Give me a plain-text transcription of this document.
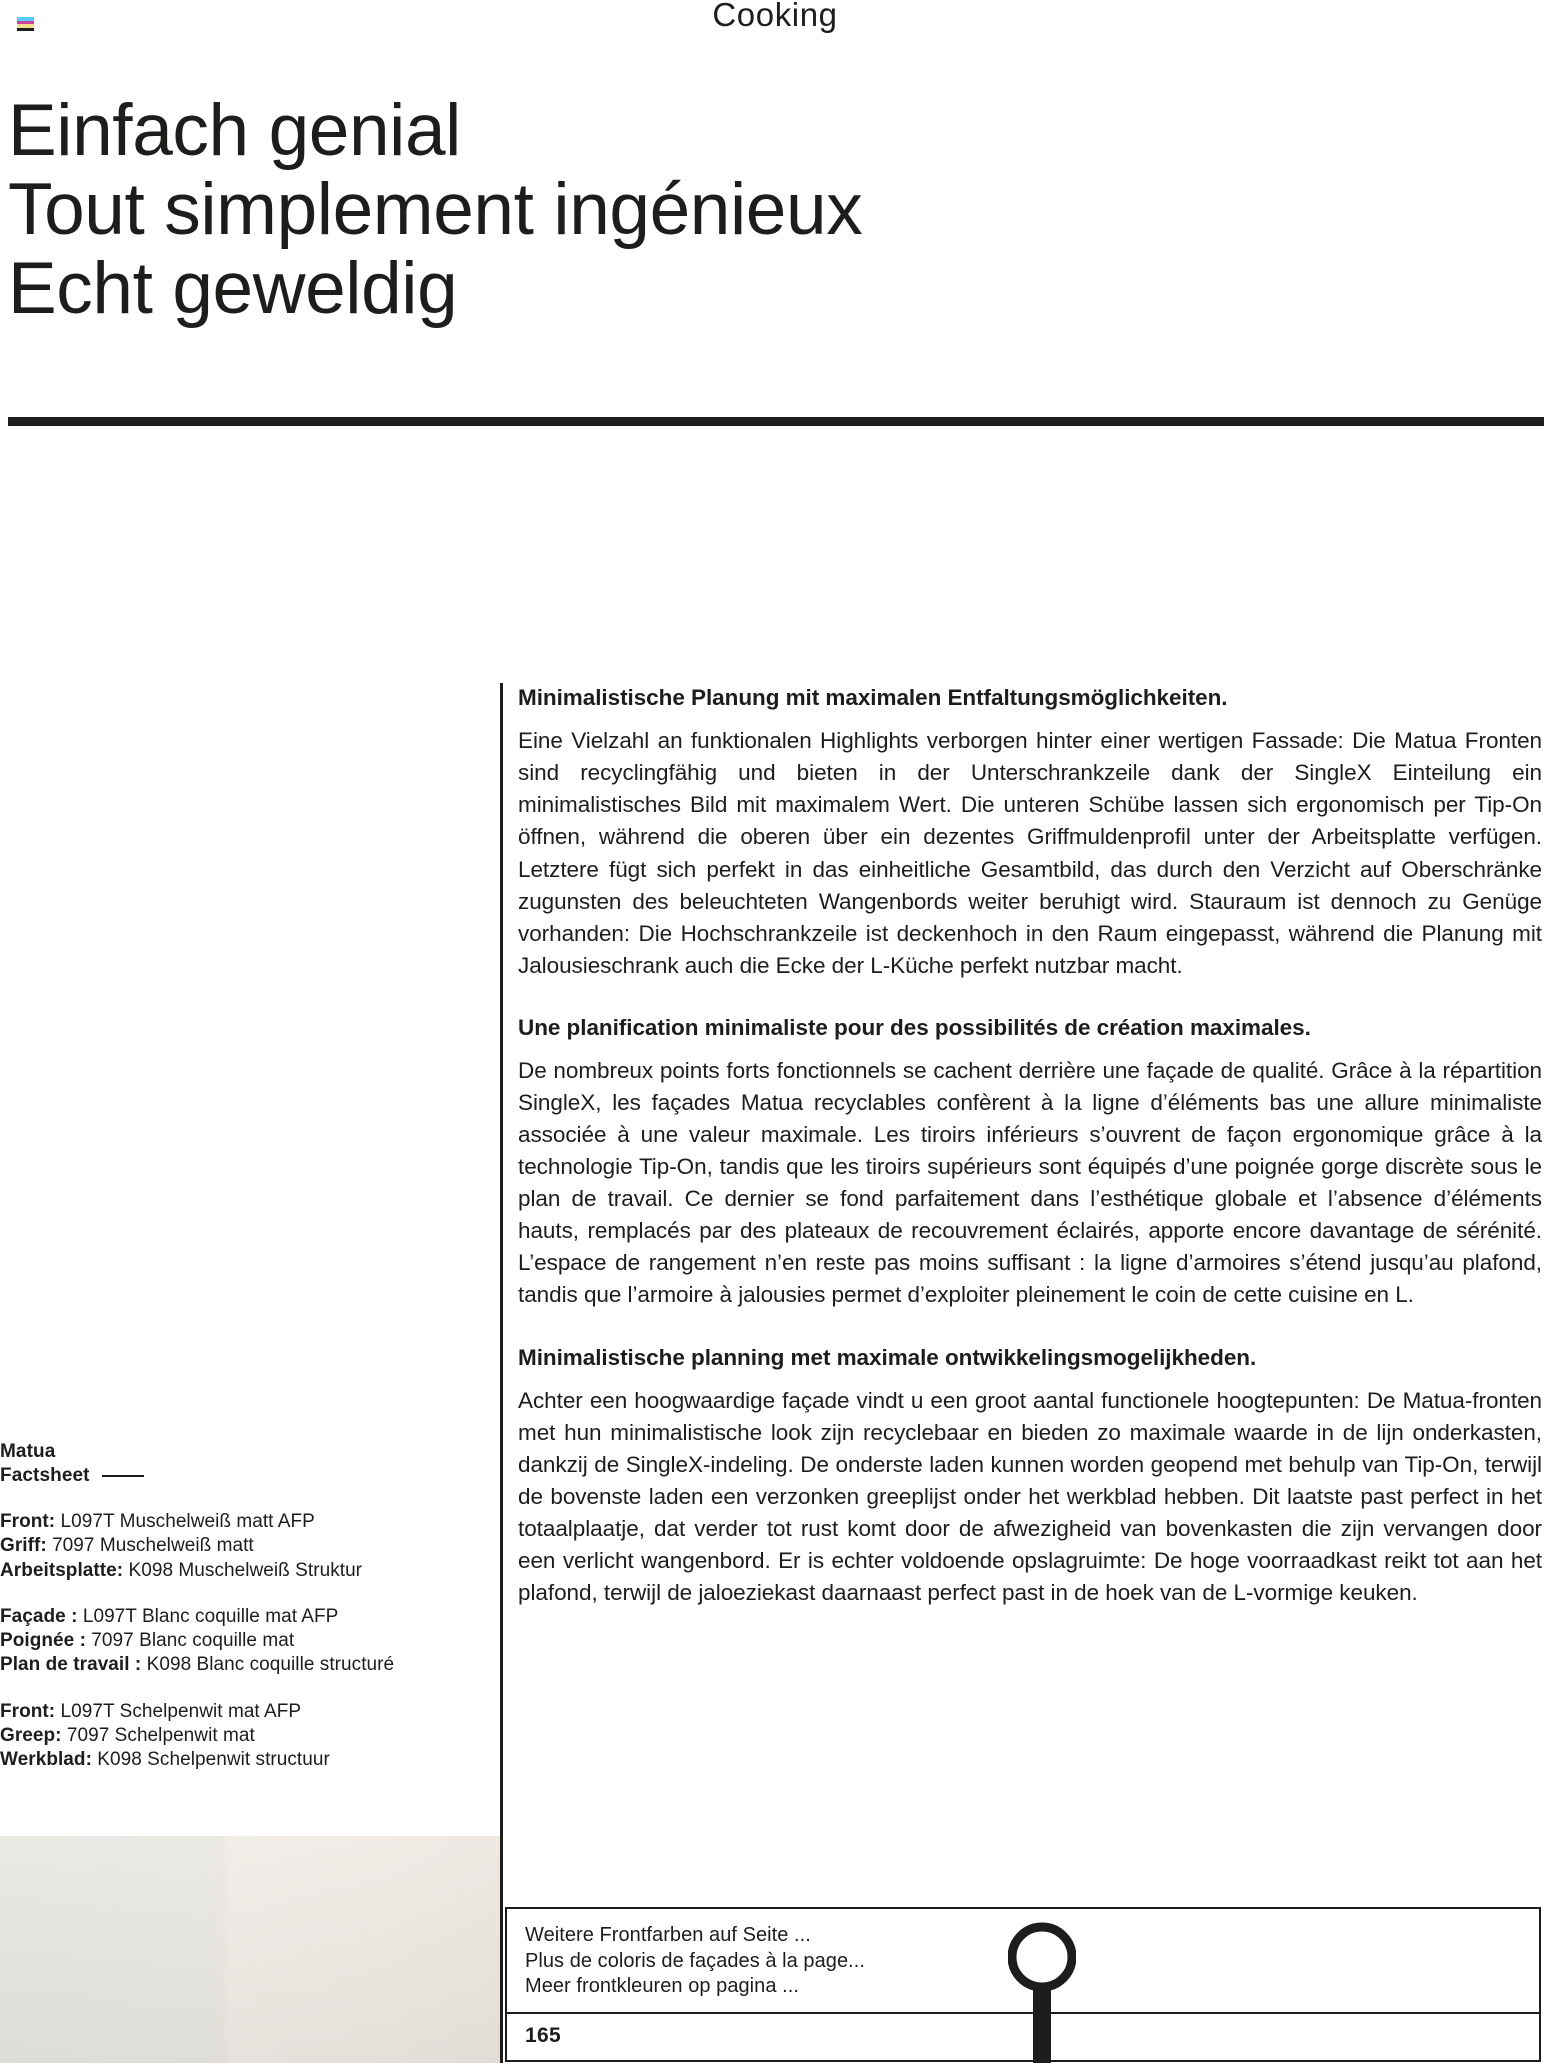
Cooking
Einfach genial
Tout simplement ingénieux
Echt geweldig
Matua
Factsheet
Front: L097T Muschelweiß matt AFP
Griff: 7097 Muschelweiß matt
Arbeitsplatte: K098 Muschelweiß Struktur
Façade : L097T Blanc coquille mat AFP
Poignée : 7097 Blanc coquille mat
Plan de travail : K098 Blanc coquille structuré
Front: L097T Schelpenwit mat AFP
Greep: 7097 Schelpenwit mat
Werkblad: K098 Schelpenwit structuur
Minimalistische Planung mit maximalen Entfaltungsmöglichkeiten.
Eine Vielzahl an funktionalen Highlights verborgen hinter einer wertigen Fassade: Die Matua Fronten sind recyclingfähig und bieten in der Unterschrankzeile dank der SingleX Einteilung ein minimalistisches Bild mit maximalem Wert. Die unteren Schübe lassen sich ergonomisch per Tip-On öffnen, während die oberen über ein dezentes Griffmuldenprofil unter der Arbeitsplatte verfügen. Letztere fügt sich perfekt in das einheitliche Gesamtbild, das durch den Verzicht auf Oberschränke zugunsten des beleuchteten Wangenbords weiter beruhigt wird. Stauraum ist dennoch zu Genüge vorhanden: Die Hochschrankzeile ist deckenhoch in den Raum eingepasst, während die Planung mit Jalousieschrank auch die Ecke der L-Küche perfekt nutzbar macht.
Une planification minimaliste pour des possibilités de création maximales.
De nombreux points forts fonctionnels se cachent derrière une façade de qualité. Grâce à la répartition SingleX, les façades Matua recyclables confèrent à la ligne d’éléments bas une allure minimaliste associée à une valeur maximale. Les tiroirs inférieurs s’ouvrent de façon ergonomique grâce à la technologie Tip-On, tandis que les tiroirs supérieurs sont équipés d’une poignée gorge discrète sous le plan de travail. Ce dernier se fond parfaitement dans l’esthétique globale et l’absence d’éléments hauts, remplacés par des plateaux de recouvrement éclairés, apporte encore davantage de sérénité. L’espace de rangement n’en reste pas moins suffisant : la ligne d’armoires s’étend jusqu’au plafond, tandis que l’armoire à jalousies permet d’exploiter pleinement le coin de cette cuisine en L.
Minimalistische planning met maximale ontwikkelingsmogelijkheden.
Achter een hoogwaardige façade vindt u een groot aantal functionele hoogtepunten: De Matua-fronten met hun minimalistische look zijn recyclebaar en bieden zo maximale waarde in de lijn onderkasten, dankzij de SingleX-indeling. De onderste laden kunnen worden geopend met behulp van Tip-On, terwijl de bovenste laden een verzonken greeplijst onder het werkblad hebben. Dit laatste past perfect in het totaalplaatje, dat verder tot rust komt door de afwezigheid van bovenkasten die zijn vervangen door een verlicht wangenbord. Er is echter voldoende opslagruimte: De hoge voorraadkast reikt tot aan het plafond, terwijl de jaloeziekast daarnaast perfect past in de hoek van de L-vormige keuken.
Weitere Frontfarben auf Seite ...
Plus de coloris de façades à la page...
Meer frontkleuren op pagina ...
165
